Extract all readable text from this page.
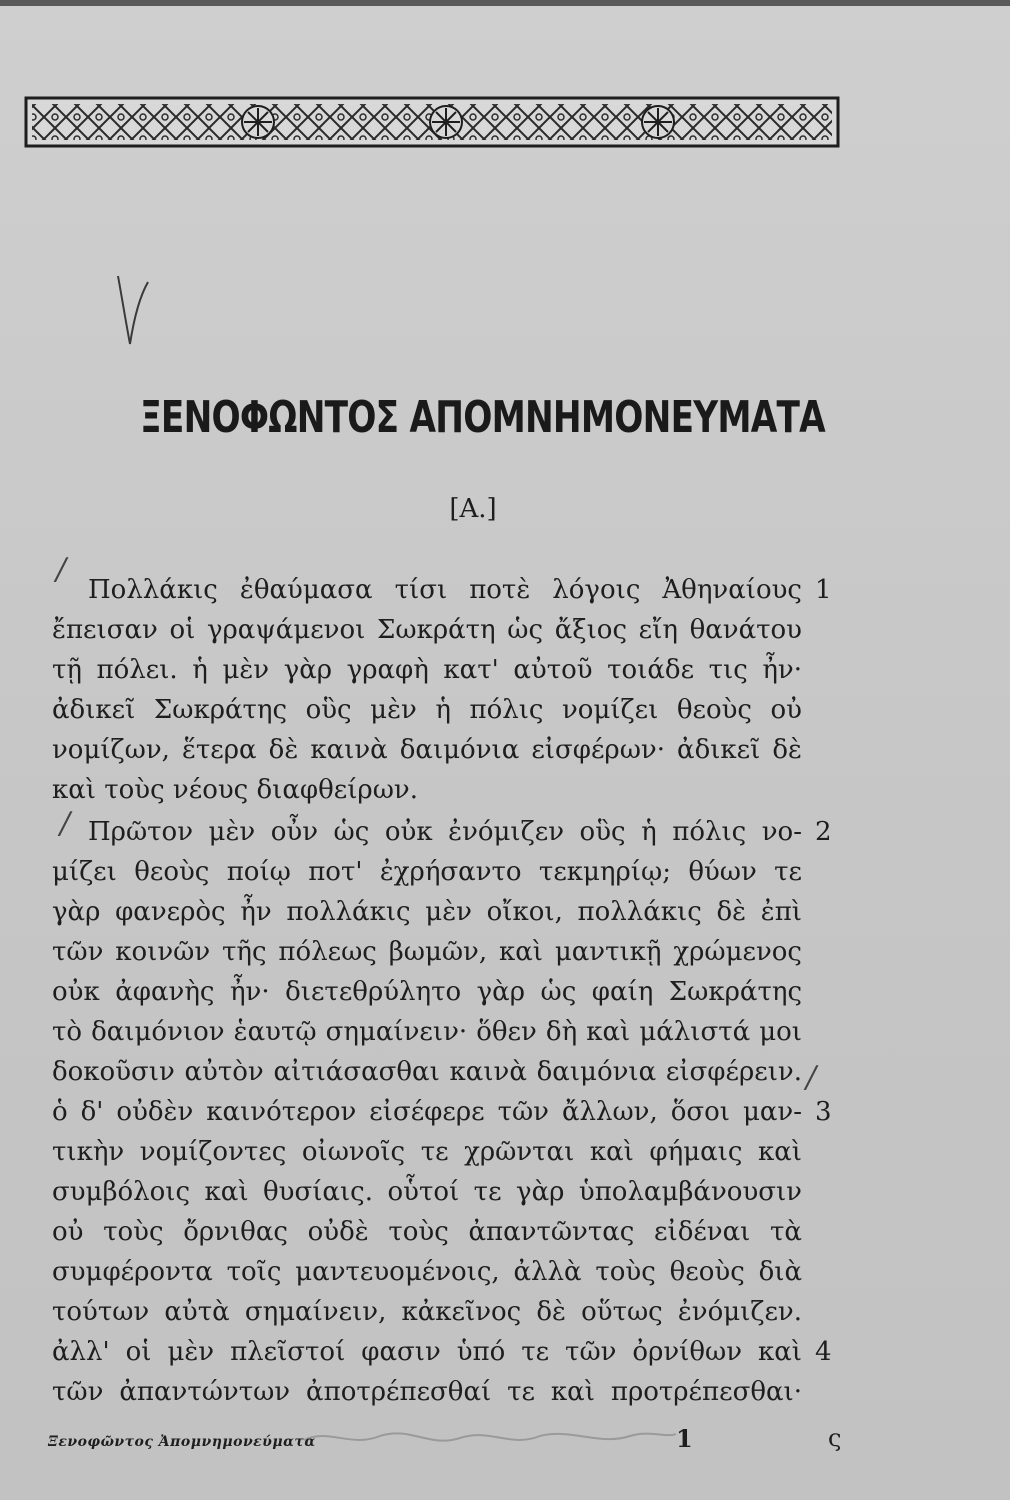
ΞΕΝΟΦΩΝΤΟΣ ΑΠΟΜΝΗΜΟΝΕΥΜΑΤΑ
[Α.]
Πολλάκις ἐθαύμασα τίσι ποτὲ λόγοις Ἀθηναίους
ἔπεισαν οἱ γραψάμενοι Σωκράτη ὡς ἄξιος εἴη θανάτου
τῇ πόλει. ἡ μὲν γὰρ γραφὴ κατ' αὐτοῦ τοιάδε τις ἦν·
ἀδικεῖ Σωκράτης οὓς μὲν ἡ πόλις νομίζει θεοὺς οὐ
νομίζων, ἕτερα δὲ καινὰ δαιμόνια εἰσφέρων· ἀδικεῖ δὲ
καὶ τοὺς νέους διαφθείρων.
Πρῶτον μὲν οὖν ὡς οὐκ ἐνόμιζεν οὓς ἡ πόλις νο-
μίζει θεοὺς ποίῳ ποτ' ἐχρήσαντο τεκμηρίῳ; θύων τε
γὰρ φανερὸς ἦν πολλάκις μὲν οἴκοι, πολλάκις δὲ ἐπὶ
τῶν κοινῶν τῆς πόλεως βωμῶν, καὶ μαντικῇ χρώμενος
οὐκ ἀφανὴς ἦν· διετεθρύλητο γὰρ ὡς φαίη Σωκράτης
τὸ δαιμόνιον ἑαυτῷ σημαίνειν· ὅθεν δὴ καὶ μάλιστά μοι
δοκοῦσιν αὐτὸν αἰτιάσασθαι καινὰ δαιμόνια εἰσφέρειν.
ὁ δ' οὐδὲν καινότερον εἰσέφερε τῶν ἄλλων, ὅσοι μαν-
τικὴν νομίζοντες οἰωνοῖς τε χρῶνται καὶ φήμαις καὶ
συμβόλοις καὶ θυσίαις. οὗτοί τε γὰρ ὑπολαμβάνουσιν
οὐ τοὺς ὄρνιθας οὐδὲ τοὺς ἀπαντῶντας εἰδέναι τὰ
συμφέροντα τοῖς μαντευομένοις, ἀλλὰ τοὺς θεοὺς διὰ
τούτων αὐτὰ σημαίνειν, κἀκεῖνος δὲ οὕτως ἐνόμιζεν.
ἀλλ' οἱ μὲν πλεῖστοί φασιν ὑπό τε τῶν ὀρνίθων καὶ
τῶν ἀπαντώντων ἀποτρέπεσθαί τε καὶ προτρέπεσθαι·
1
2
3
4
/
/
/
Ξενοφῶντος Ἀπομνημονεύματα	1	ς
